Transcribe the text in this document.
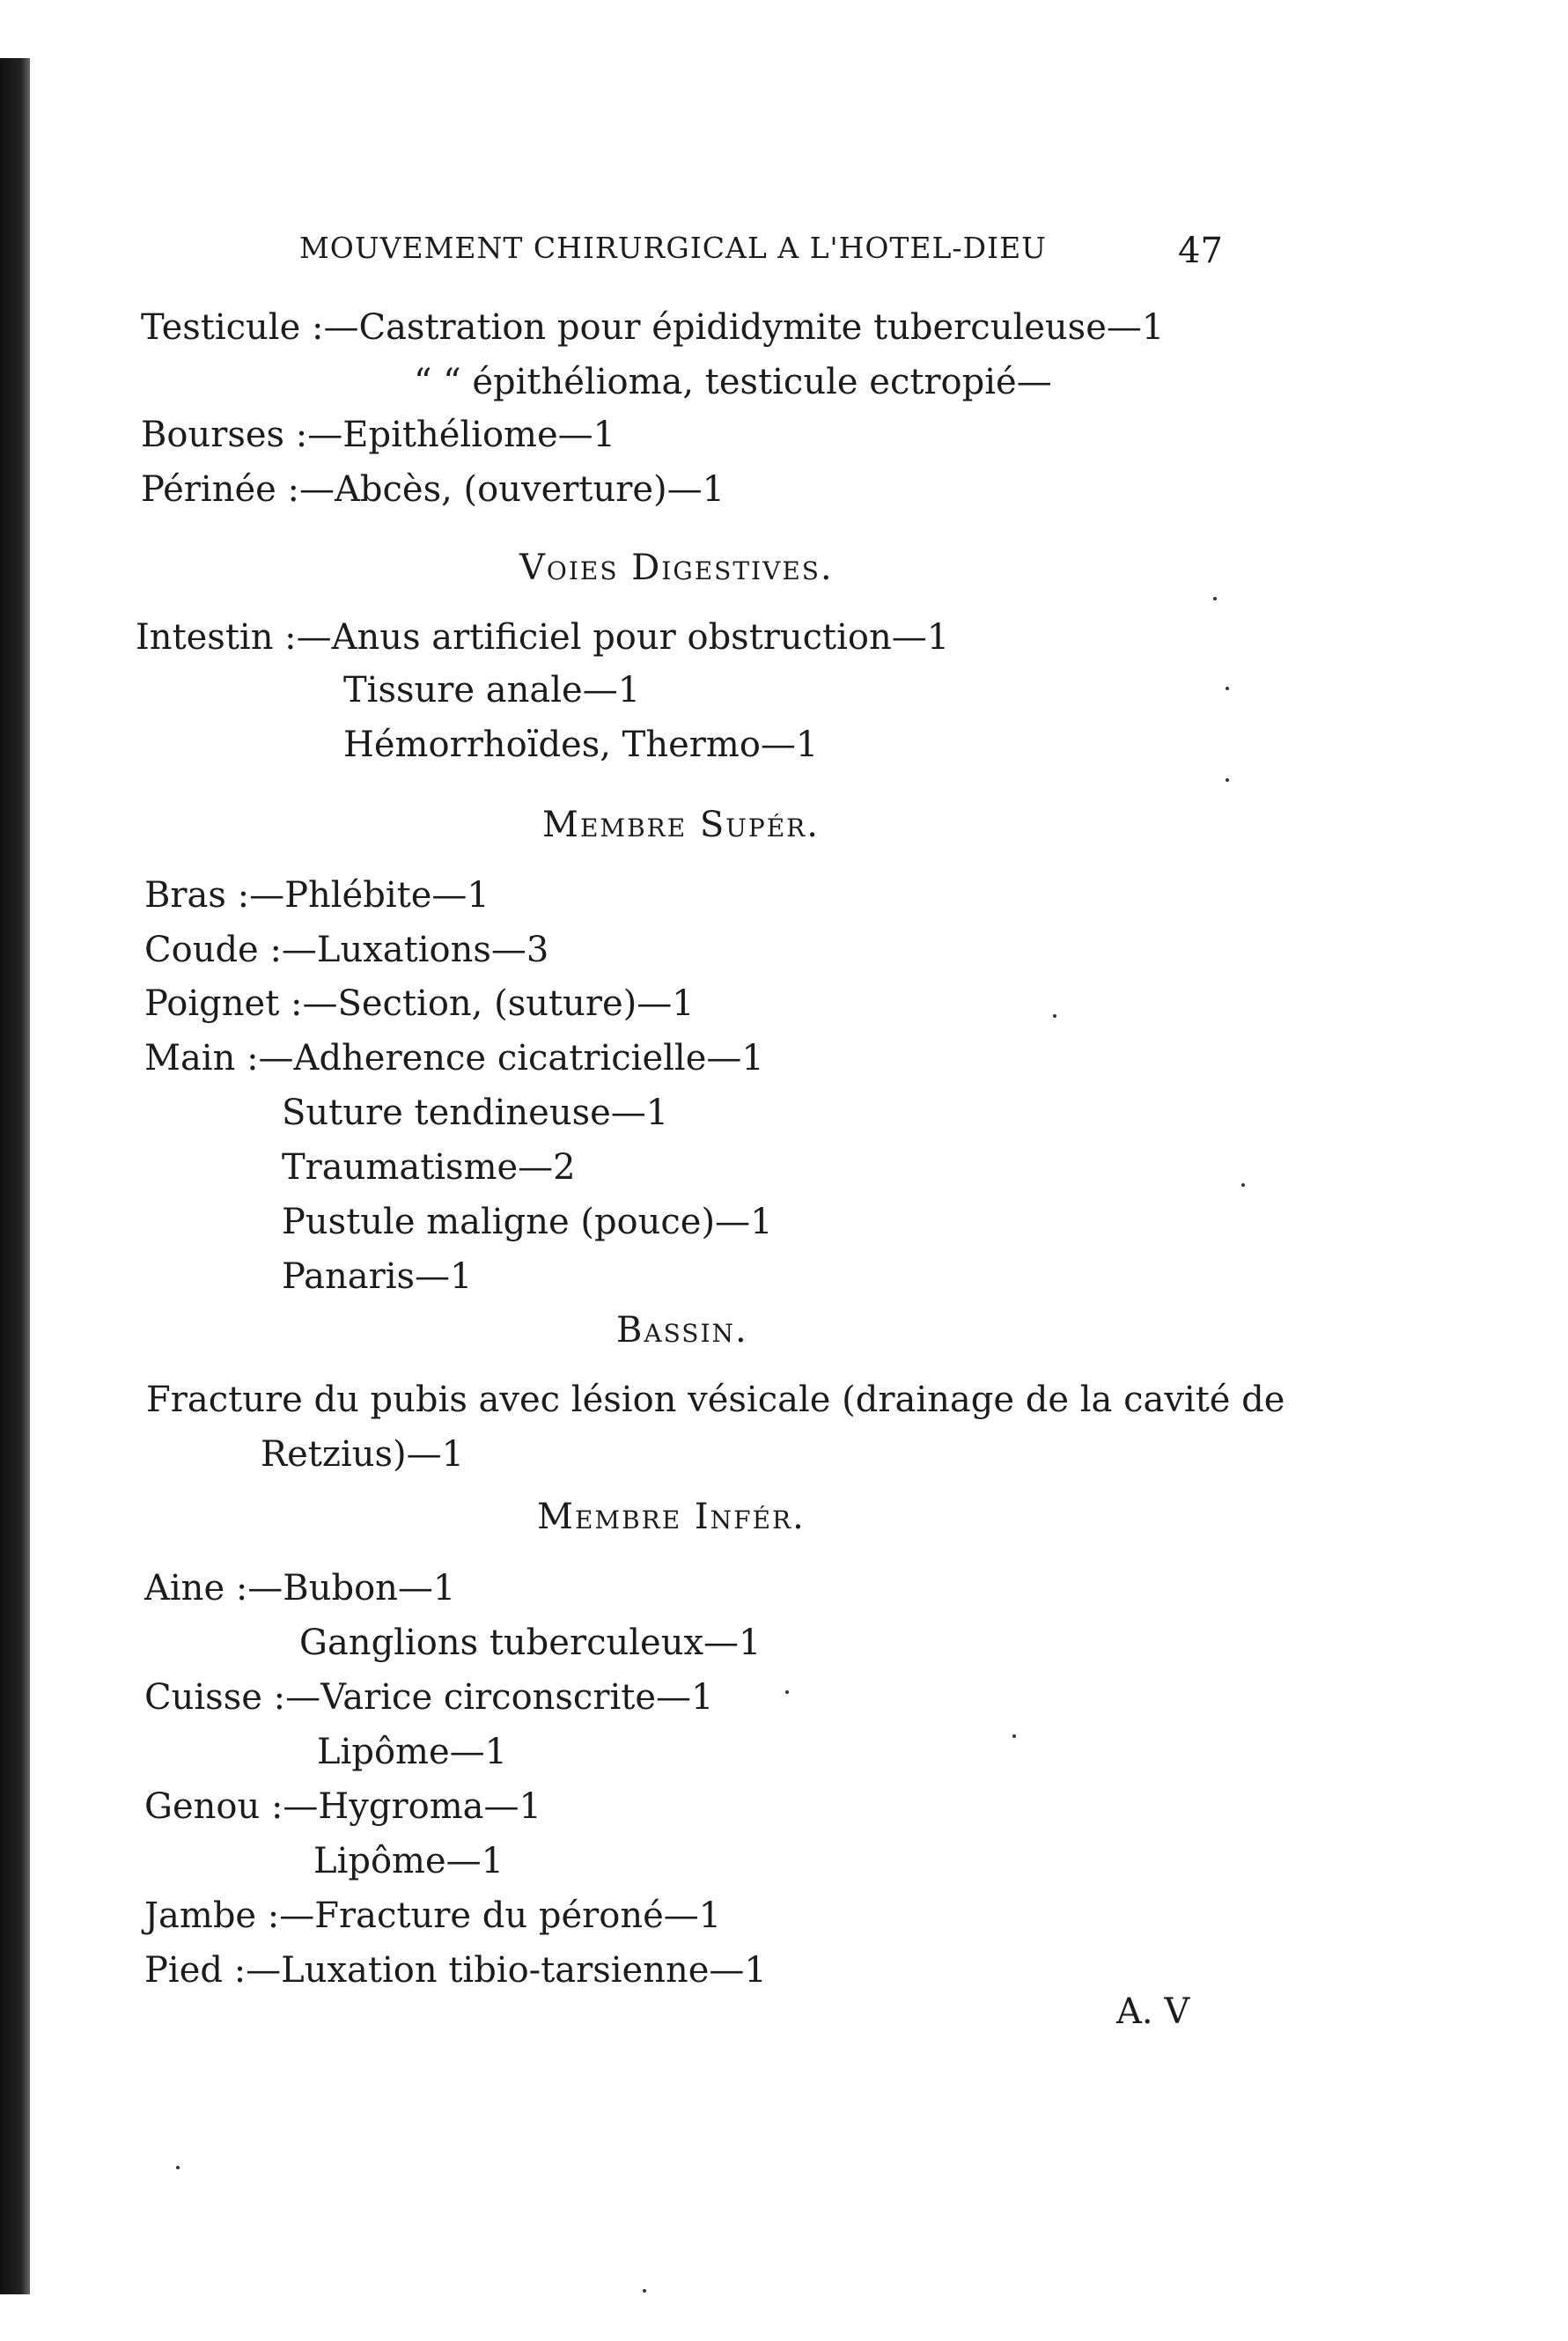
MOUVEMENT CHIRURGICAL A L'HOTEL-DIEU	47
Testicule :—Castration pour épididymite tuberculeuse—1
“ “ épithélioma, testicule ectropié—
Bourses :—Epithéliome—1
Périnée :—Abcès, (ouverture)—1
Voies Digestives.
Intestin :—Anus artificiel pour obstruction—1
Tissure anale—1
Hémorrhoïdes, Thermo—1
Membre Supér.
Bras :—Phlébite—1
Coude :—Luxations—3
Poignet :—Section, (suture)—1
Main :—Adherence cicatricielle—1
Suture tendineuse—1
Traumatisme—2
Pustule maligne (pouce)—1
Panaris—1
Bassin.
Fracture du pubis avec lésion vésicale (drainage de la cavité de
Retzius)—1
Membre Infér.
Aine :—Bubon—1
Ganglions tuberculeux—1
Cuisse :—Varice circonscrite—1
Lipôme—1
Genou :—Hygroma—1
Lipôme—1
Jambe :—Fracture du péroné—1
Pied :—Luxation tibio-tarsienne—1
A. V
